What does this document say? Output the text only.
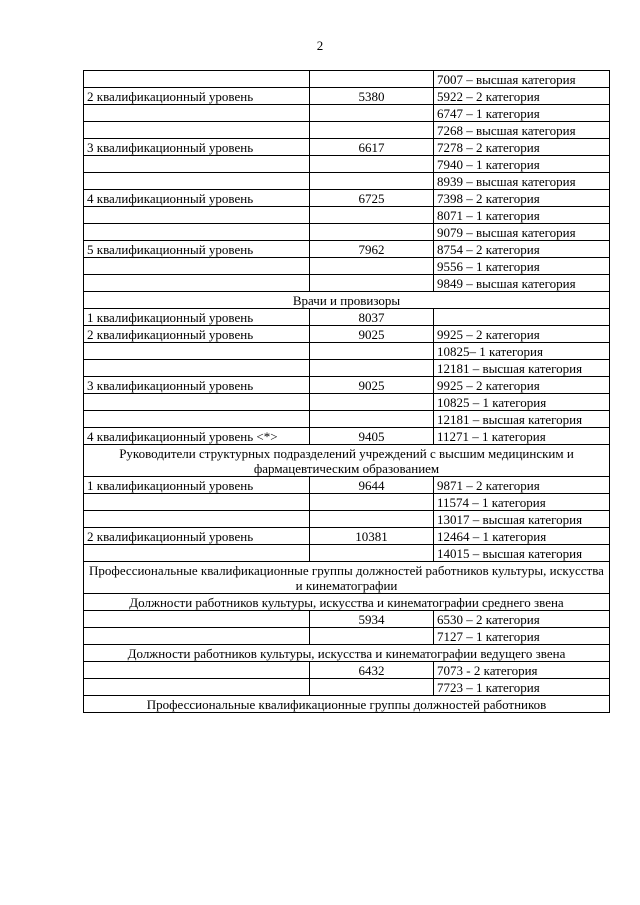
2
		7007 – высшая категория
2 квалификационный уровень	5380	5922 – 2 категория
		6747 – 1 категория
		7268 – высшая категория
3 квалификационный уровень	6617	7278 – 2 категория
		7940 – 1 категория
		8939 – высшая категория
4 квалификационный уровень	6725	7398 – 2 категория
		8071 – 1 категория
		9079 – высшая категория
5 квалификационный уровень	7962	8754 – 2 категория
		9556 – 1 категория
		9849 – высшая категория
Врачи и провизоры		
1 квалификационный уровень	8037	
2 квалификационный уровень	9025	9925 – 2 категория
		10825– 1 категория
		12181 – высшая категория
3 квалификационный уровень	9025	9925 – 2 категория
		10825 – 1 категория
		12181 – высшая категория
4 квалификационный уровень <*>	9405	11271 – 1 категория
Руководители структурных подразделений учреждений с высшим медицинским и фармацевтическим образованием		
1 квалификационный уровень	9644	9871 – 2 категория
		11574 – 1 категория
		13017 – высшая категория
2 квалификационный уровень	10381	12464 – 1 категория
		14015 – высшая категория
Профессиональные квалификационные группы должностей работников культуры, искусства и кинематографии		
Должности работников культуры, искусства и кинематографии среднего звена		
	5934	6530 – 2 категория
		7127 – 1 категория
Должности работников культуры, искусства и кинематографии ведущего звена		
	6432	7073 - 2 категория
		7723 – 1 категория
Профессиональные квалификационные группы должностей работников		
